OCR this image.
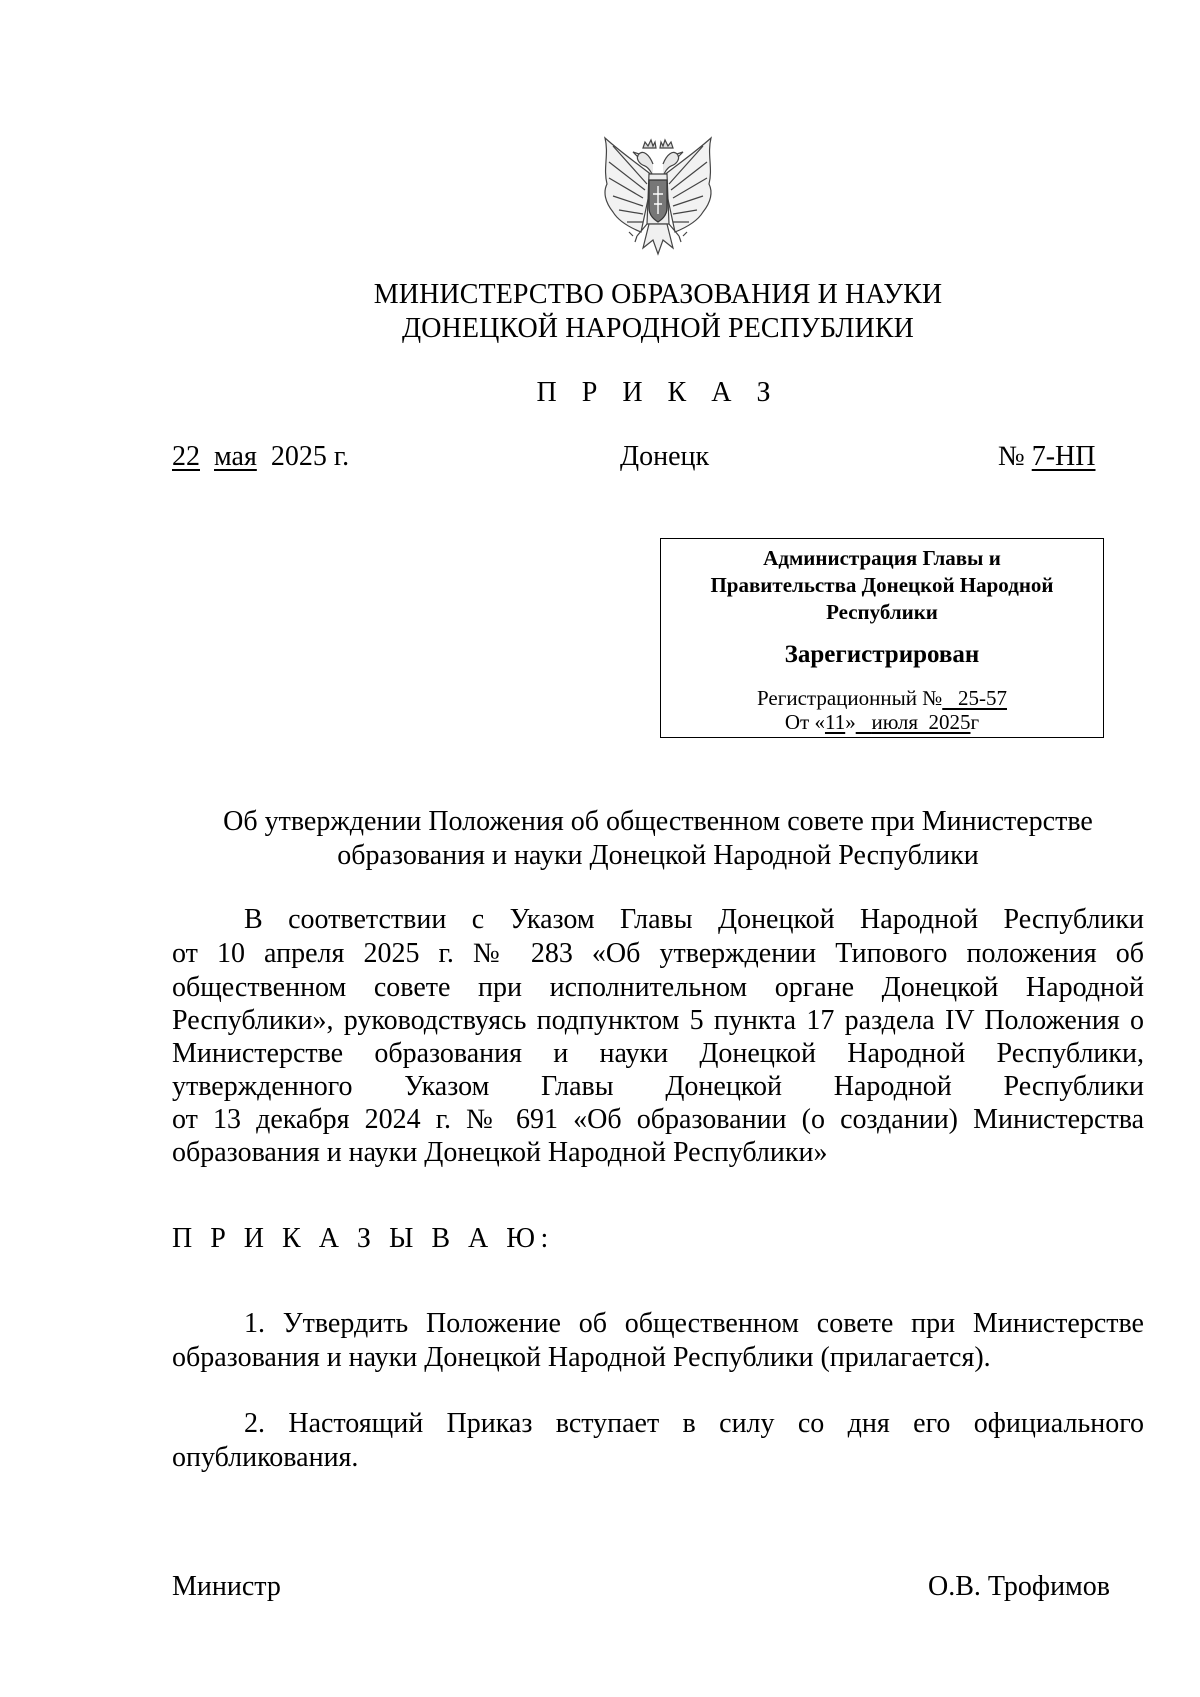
МИНИСТЕРСТВО ОБРАЗОВАНИЯ И НАУКИ
ДОНЕЦКОЙ НАРОДНОЙ РЕСПУБЛИКИ
П Р И К А З
22 мая 2025 г.	Донецк	№ 7-НП
Администрация Главы и
Правительства Донецкой Народной
Республики
Зарегистрирован
Регистрационный № 25-57
От «11» июля 2025г
Об утверждении Положения об общественном совете при Министерстве
образования и науки Донецкой Народной Республики
В соответствии с Указом Главы Донецкой Народной Республики
от 10 апреля 2025 г. № 283 «Об утверждении Типового положения об
общественном совете при исполнительном органе Донецкой Народной
Республики», руководствуясь подпунктом 5 пункта 17 раздела IV Положения о
Министерстве образования и науки Донецкой Народной Республики,
утвержденного Указом Главы Донецкой Народной Республики
от 13 декабря 2024 г. № 691 «Об образовании (о создании) Министерства
образования и науки Донецкой Народной Республики»
П Р И К А З Ы В А Ю:
1. Утвердить Положение об общественном совете при Министерстве
образования и науки Донецкой Народной Республики (прилагается).
2. Настоящий Приказ вступает в силу со дня его официального
опубликования.
Министр	О.В. Трофимов
